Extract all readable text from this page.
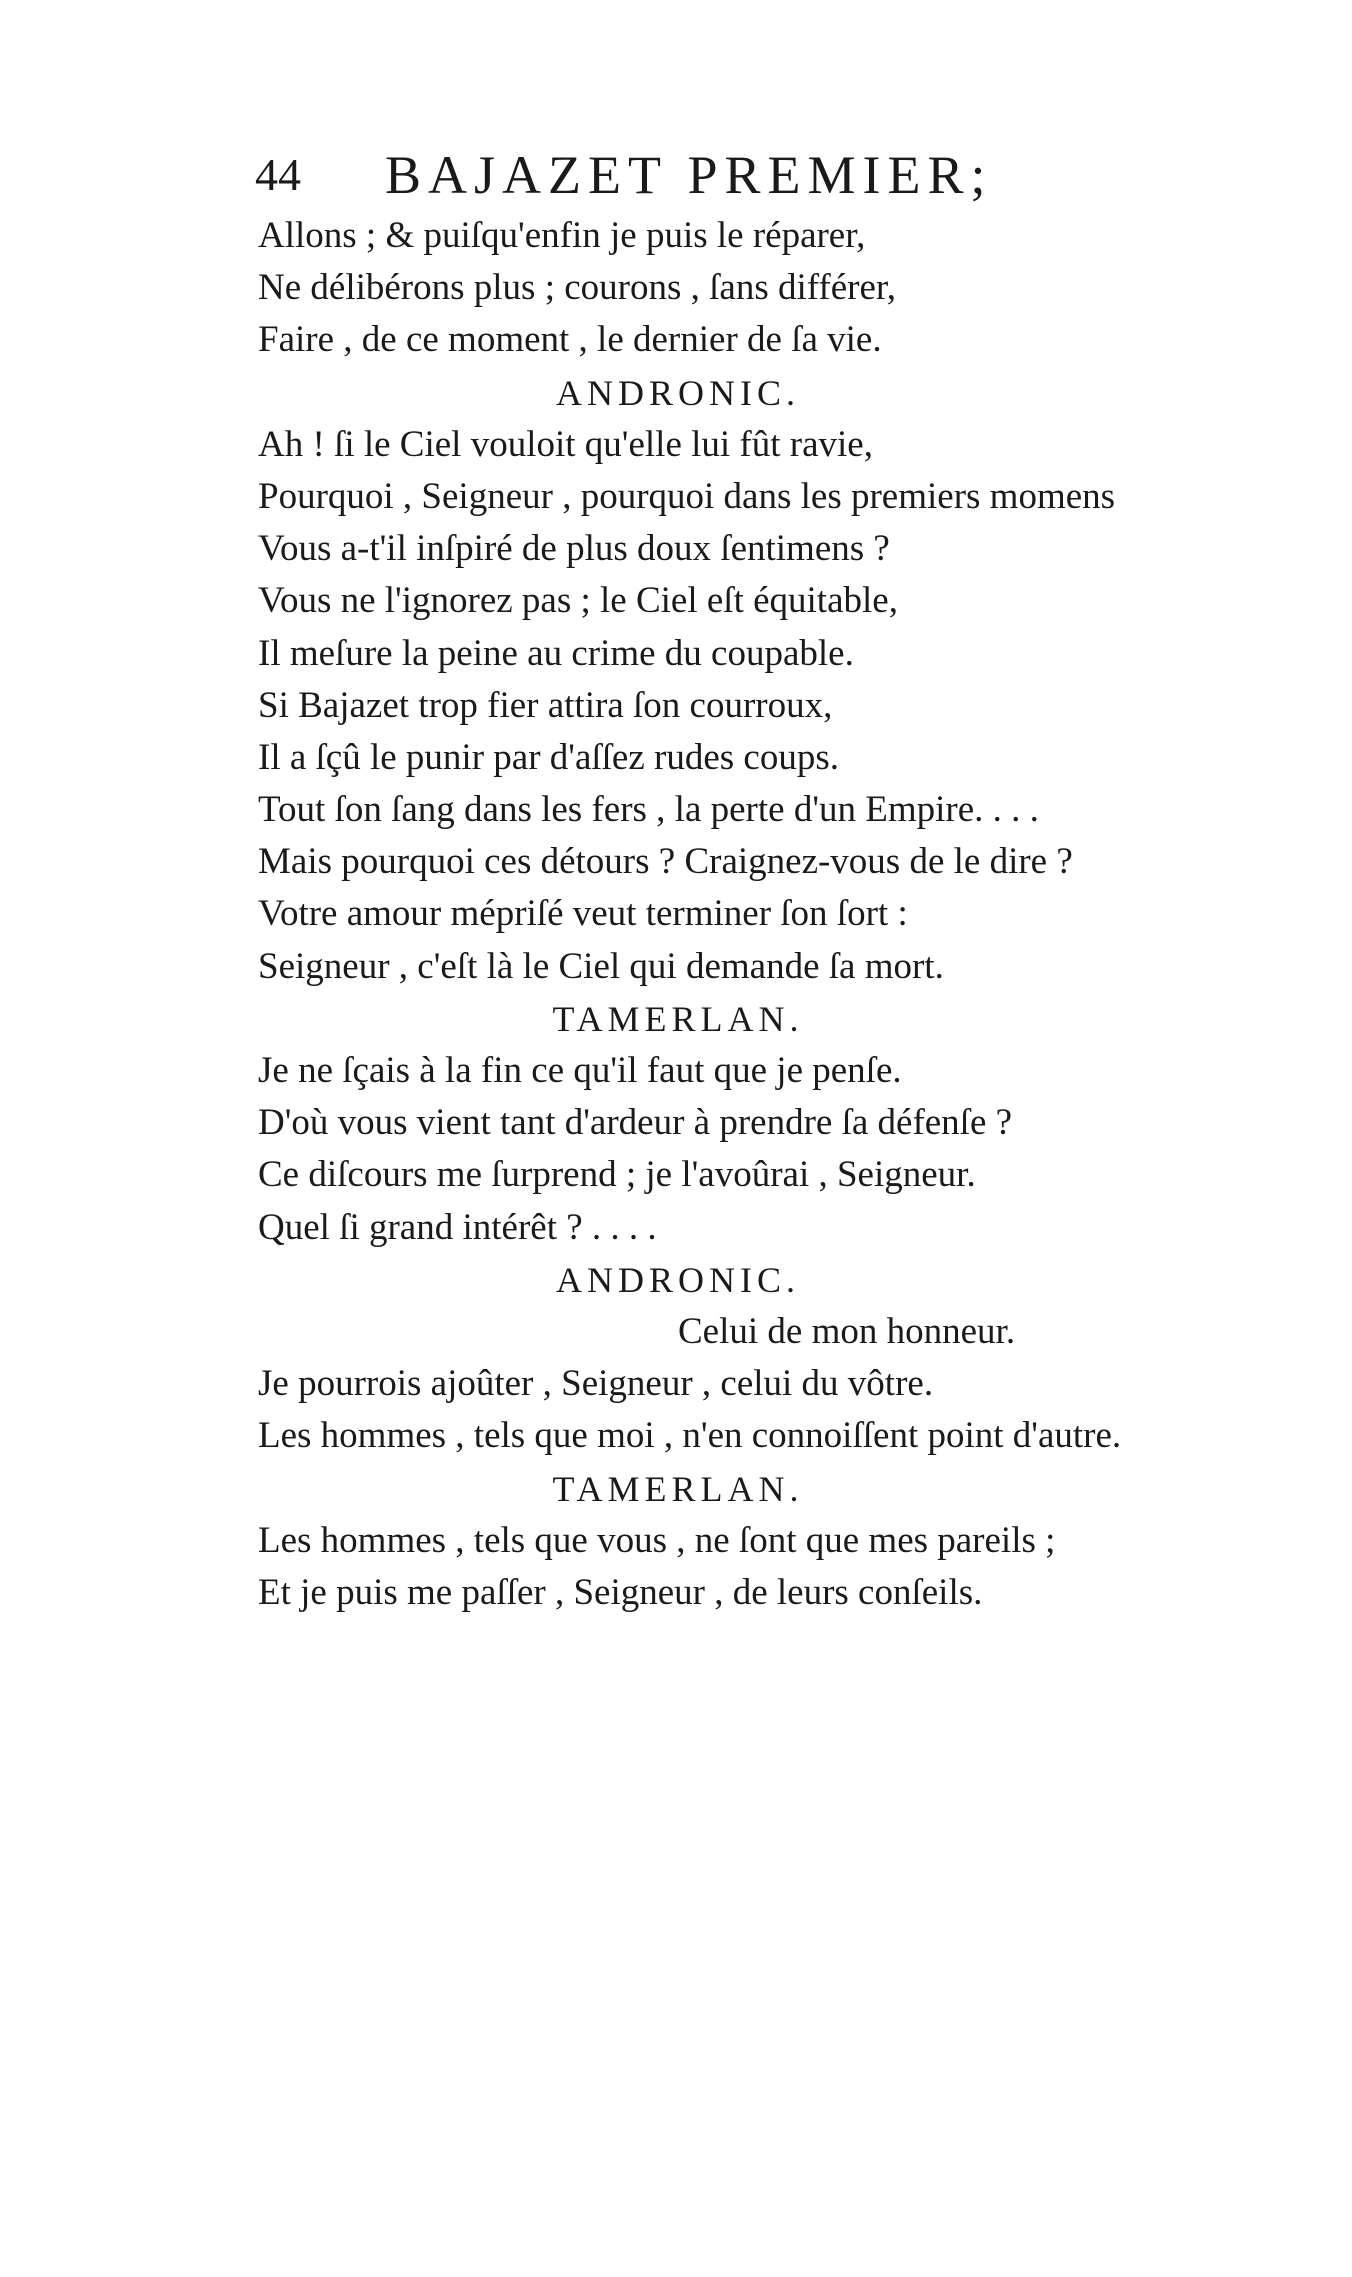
44 BAJAZET PREMIER;
Allons ; & puiſqu'enfin je puis le réparer,
Ne délibérons plus ; courons , ſans différer,
Faire , de ce moment , le dernier de ſa vie.
ANDRONIC.
Ah ! ſi le Ciel vouloit qu'elle lui fût ravie,
Pourquoi , Seigneur , pourquoi dans les premiers momens
Vous a-t'il inſpiré de plus doux ſentimens ?
Vous ne l'ignorez pas ; le Ciel eſt équitable,
Il meſure la peine au crime du coupable.
Si Bajazet trop fier attira ſon courroux,
Il a ſçû le punir par d'aſſez rudes coups.
Tout ſon ſang dans les fers , la perte d'un Empire. . . .
Mais pourquoi ces détours ? Craignez-vous de le dire ?
Votre amour mépriſé veut terminer ſon ſort :
Seigneur , c'eſt là le Ciel qui demande ſa mort.
TAMERLAN.
Je ne ſçais à la fin ce qu'il faut que je penſe.
D'où vous vient tant d'ardeur à prendre ſa défenſe ?
Ce diſcours me ſurprend ; je l'avoûrai , Seigneur.
Quel ſi grand intérêt ? . . . .
ANDRONIC.
Celui de mon honneur.
Je pourrois ajoûter , Seigneur , celui du vôtre.
Les hommes , tels que moi , n'en connoiſſent point d'autre.
TAMERLAN.
Les hommes , tels que vous , ne ſont que mes pareils ;
Et je puis me paſſer , Seigneur , de leurs conſeils.
